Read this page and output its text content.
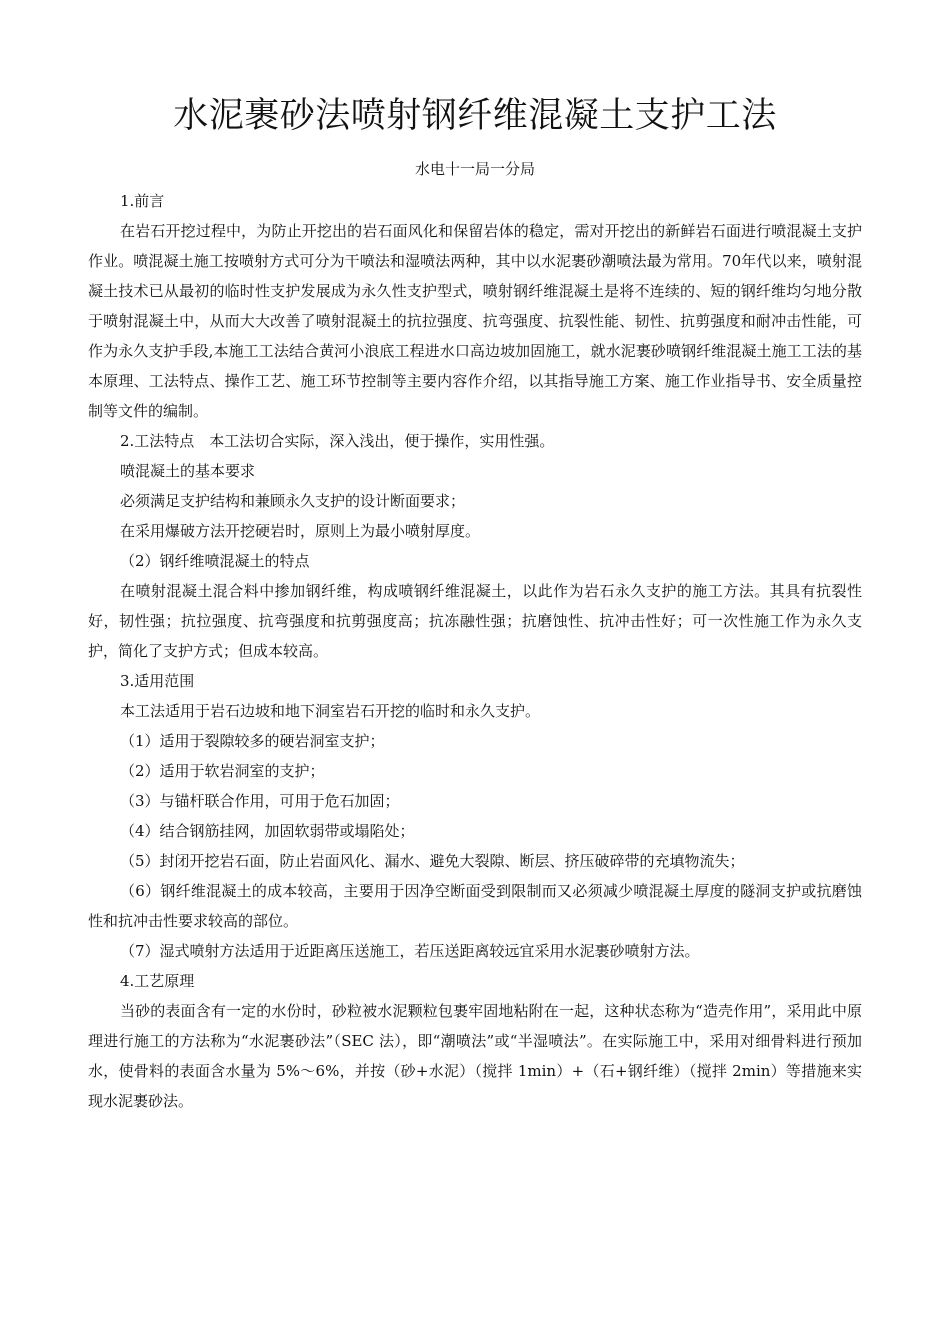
水泥裹砂法喷射钢纤维混凝土支护工法
水电十一局一分局

1.前言

在岩石开挖过程中，为防止开挖出的岩石面风化和保留岩体的稳定，需对开挖出的新鲜岩石面进行喷混凝土支护作业。喷混凝土施工按喷射方式可分为干喷法和湿喷法两种，其中以水泥裹砂潮喷法最为常用。70年代以来，喷射混凝土技术已从最初的临时性支护发展成为永久性支护型式，喷射钢纤维混凝土是将不连续的、短的钢纤维均匀地分散于喷射混凝土中，从而大大改善了喷射混凝土的抗拉强度、抗弯强度、抗裂性能、韧性、抗剪强度和耐冲击性能，可作为永久支护手段,本施工工法结合黄河小浪底工程进水口高边坡加固施工，就水泥裹砂喷钢纤维混凝土施工工法的基本原理、工法特点、操作工艺、施工环节控制等主要内容作介绍，以其指导施工方案、施工作业指导书、安全质量控制等文件的编制。

2.工法特点　本工法切合实际，深入浅出，便于操作，实用性强。

喷混凝土的基本要求

必须满足支护结构和兼顾永久支护的设计断面要求；

在采用爆破方法开挖硬岩时，原则上为最小喷射厚度。

（2）钢纤维喷混凝土的特点

在喷射混凝土混合料中掺加钢纤维，构成喷钢纤维混凝土，以此作为岩石永久支护的施工方法。其具有抗裂性好，韧性强；抗拉强度、抗弯强度和抗剪强度高；抗冻融性强；抗磨蚀性、抗冲击性好；可一次性施工作为永久支护，简化了支护方式；但成本较高。

3.适用范围

本工法适用于岩石边坡和地下洞室岩石开挖的临时和永久支护。

（1）适用于裂隙较多的硬岩洞室支护；

（2）适用于软岩洞室的支护；

（3）与锚杆联合作用，可用于危石加固；

（4）结合钢筋挂网，加固软弱带或塌陷处；

（5）封闭开挖岩石面，防止岩面风化、漏水、避免大裂隙、断层、挤压破碎带的充填物流失；

（6）钢纤维混凝土的成本较高，主要用于因净空断面受到限制而又必须减少喷混凝土厚度的隧洞支护或抗磨蚀性和抗冲击性要求较高的部位。

（7）湿式喷射方法适用于近距离压送施工，若压送距离较远宜采用水泥裹砂喷射方法。

4.工艺原理

当砂的表面含有一定的水份时，砂粒被水泥颗粒包裹牢固地粘附在一起，这种状态称为“造壳作用”，采用此中原理进行施工的方法称为“水泥裹砂法”（SEC 法），即“潮喷法”或“半湿喷法”。在实际施工中，采用对细骨料进行预加水，使骨料的表面含水量为 5%～6%，并按（砂+水泥）（搅拌 1min）+（石+钢纤维）（搅拌 2min）等措施来实现水泥裹砂法。
